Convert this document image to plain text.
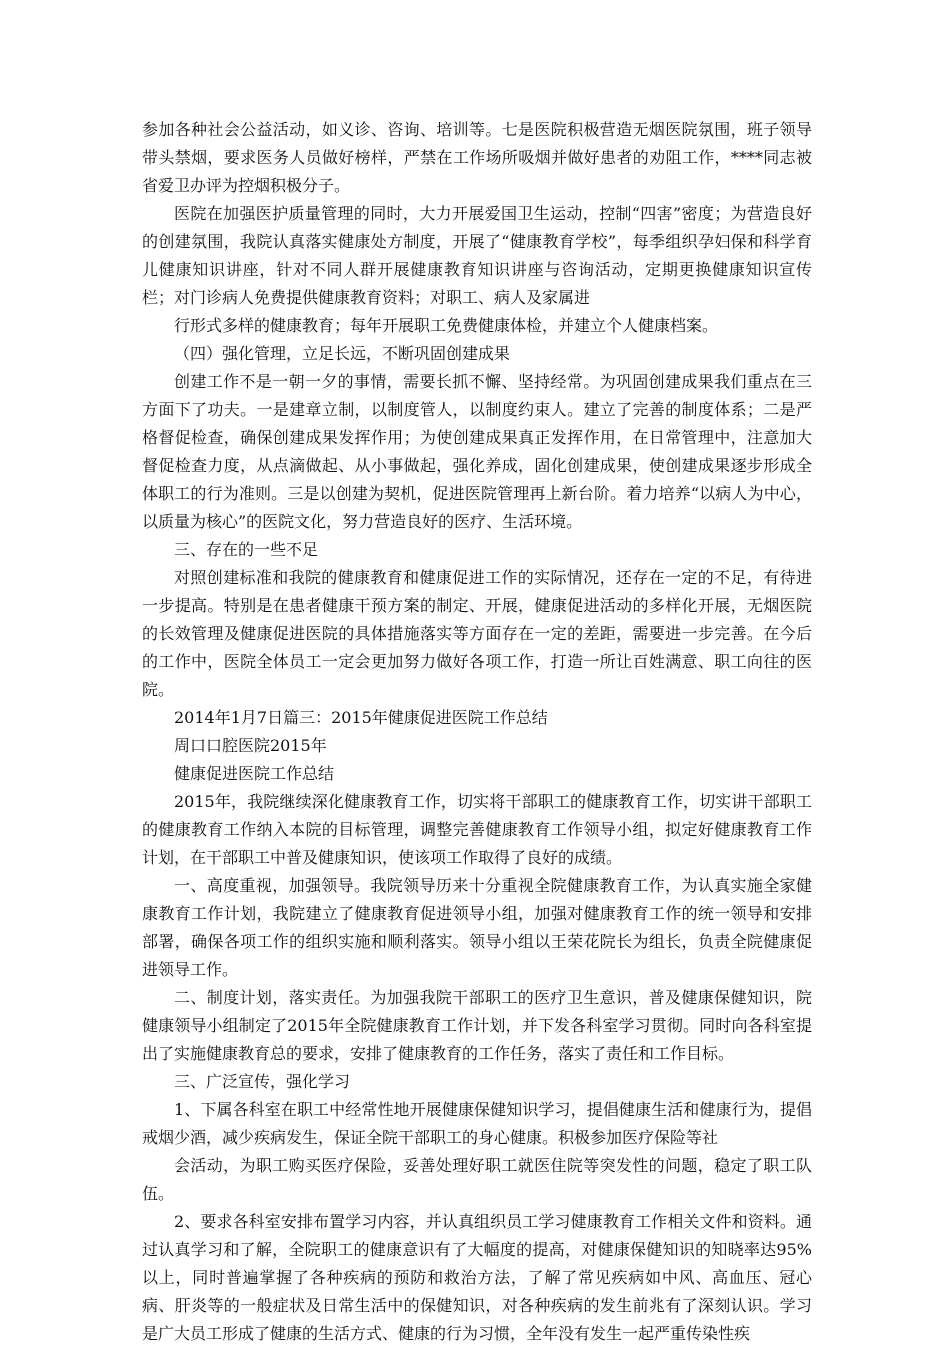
参加各种社会公益活动，如义诊、咨询、培训等。七是医院积极营造无烟医院氛围，班子领导带头禁烟，要求医务人员做好榜样，严禁在工作场所吸烟并做好患者的劝阻工作，****同志被省爱卫办评为控烟积极分子。

医院在加强医护质量管理的同时，大力开展爱国卫生运动，控制“四害”密度；为营造良好的创建氛围，我院认真落实健康处方制度，开展了“健康教育学校”，每季组织孕妇保和科学育儿健康知识讲座，针对不同人群开展健康教育知识讲座与咨询活动，定期更换健康知识宣传栏；对门诊病人免费提供健康教育资料；对职工、病人及家属进

行形式多样的健康教育；每年开展职工免费健康体检，并建立个人健康档案。

（四）强化管理，立足长远，不断巩固创建成果

创建工作不是一朝一夕的事情，需要长抓不懈、坚持经常。为巩固创建成果我们重点在三方面下了功夫。一是建章立制，以制度管人，以制度约束人。建立了完善的制度体系；二是严格督促检查，确保创建成果发挥作用；为使创建成果真正发挥作用，在日常管理中，注意加大督促检查力度，从点滴做起、从小事做起，强化养成，固化创建成果，使创建成果逐步形成全体职工的行为准则。三是以创建为契机，促进医院管理再上新台阶。着力培养“以病人为中心，以质量为核心”的医院文化，努力营造良好的医疗、生活环境。

三、存在的一些不足

对照创建标准和我院的健康教育和健康促进工作的实际情况，还存在一定的不足，有待进一步提高。特别是在患者健康干预方案的制定、开展，健康促进活动的多样化开展，无烟医院的长效管理及健康促进医院的具体措施落实等方面存在一定的差距，需要进一步完善。在今后的工作中，医院全体员工一定会更加努力做好各项工作，打造一所让百姓满意、职工向往的医院。

2014年1月7日篇三：2015年健康促进医院工作总结

周口口腔医院2015年

健康促进医院工作总结

2015年，我院继续深化健康教育工作，切实将干部职工的健康教育工作，切实讲干部职工的健康教育工作纳入本院的目标管理，调整完善健康教育工作领导小组，拟定好健康教育工作计划，在干部职工中普及健康知识，使该项工作取得了良好的成绩。

一、高度重视，加强领导。我院领导历来十分重视全院健康教育工作，为认真实施全家健康教育工作计划，我院建立了健康教育促进领导小组，加强对健康教育工作的统一领导和安排部署，确保各项工作的组织实施和顺利落实。领导小组以王荣花院长为组长，负责全院健康促进领导工作。

二、制度计划，落实责任。为加强我院干部职工的医疗卫生意识，普及健康保健知识，院健康领导小组制定了2015年全院健康教育工作计划，并下发各科室学习贯彻。同时向各科室提出了实施健康教育总的要求，安排了健康教育的工作任务，落实了责任和工作目标。

三、广泛宣传，强化学习

1、下属各科室在职工中经常性地开展健康保健知识学习，提倡健康生活和健康行为，提倡戒烟少酒，减少疾病发生，保证全院干部职工的身心健康。积极参加医疗保险等社

会活动，为职工购买医疗保险，妥善处理好职工就医住院等突发性的问题，稳定了职工队伍。

2、要求各科室安排布置学习内容，并认真组织员工学习健康教育工作相关文件和资料。通过认真学习和了解，全院职工的健康意识有了大幅度的提高，对健康保健知识的知晓率达95%以上，同时普遍掌握了各种疾病的预防和救治方法，了解了常见疾病如中风、高血压、冠心病、肝炎等的一般症状及日常生活中的保健知识，对各种疾病的发生前兆有了深刻认识。学习是广大员工形成了健康的生活方式、健康的行为习惯，全年没有发生一起严重传染性疾
